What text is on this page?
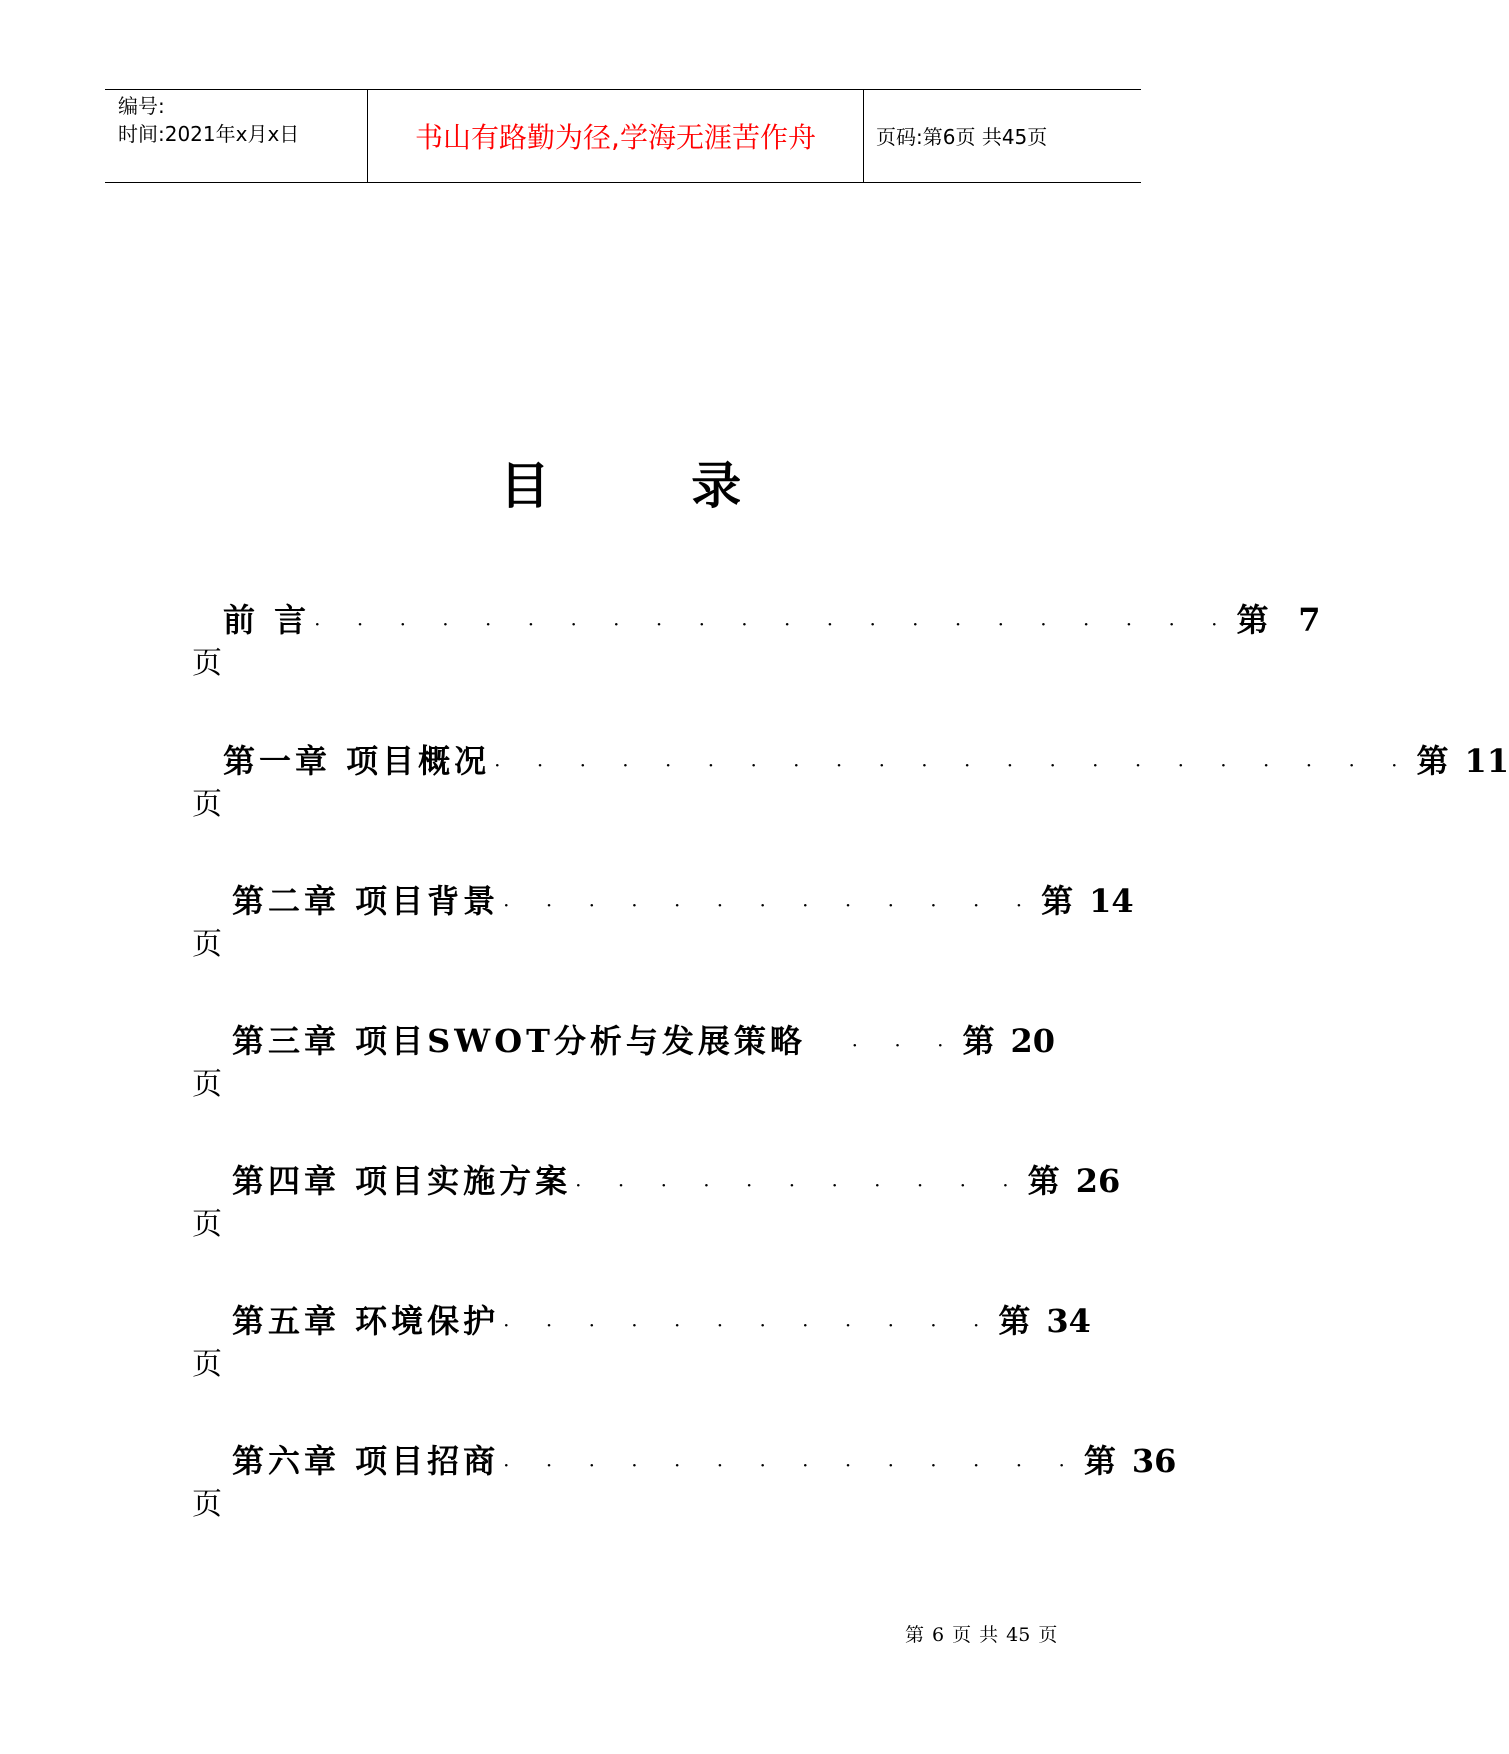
编号:
时间:2021年x月x日	书山有路勤为径,学海无涯苦作舟	页码:第6页 共45页
目 录
前 言 · · · · · · · · · · · · · · · · · · · · · · 第 7
页
第一章 项目概况 · · · · · · · · · · · · · · · · · · · · · · 第 11
页
第二章 项目背景 · · · · · · · · · · · · · 第 14
页
第三章 项目SWOT分析与发展策略	· · · 第 20
页
第四章 项目实施方案 · · · · · · · · · · · 第 26
页
第五章 环境保护 · · · · · · · · · · · · 第 34
页
第六章 项目招商 · · · · · · · · · · · · · · 第 36
页
第 6 页 共 45 页
